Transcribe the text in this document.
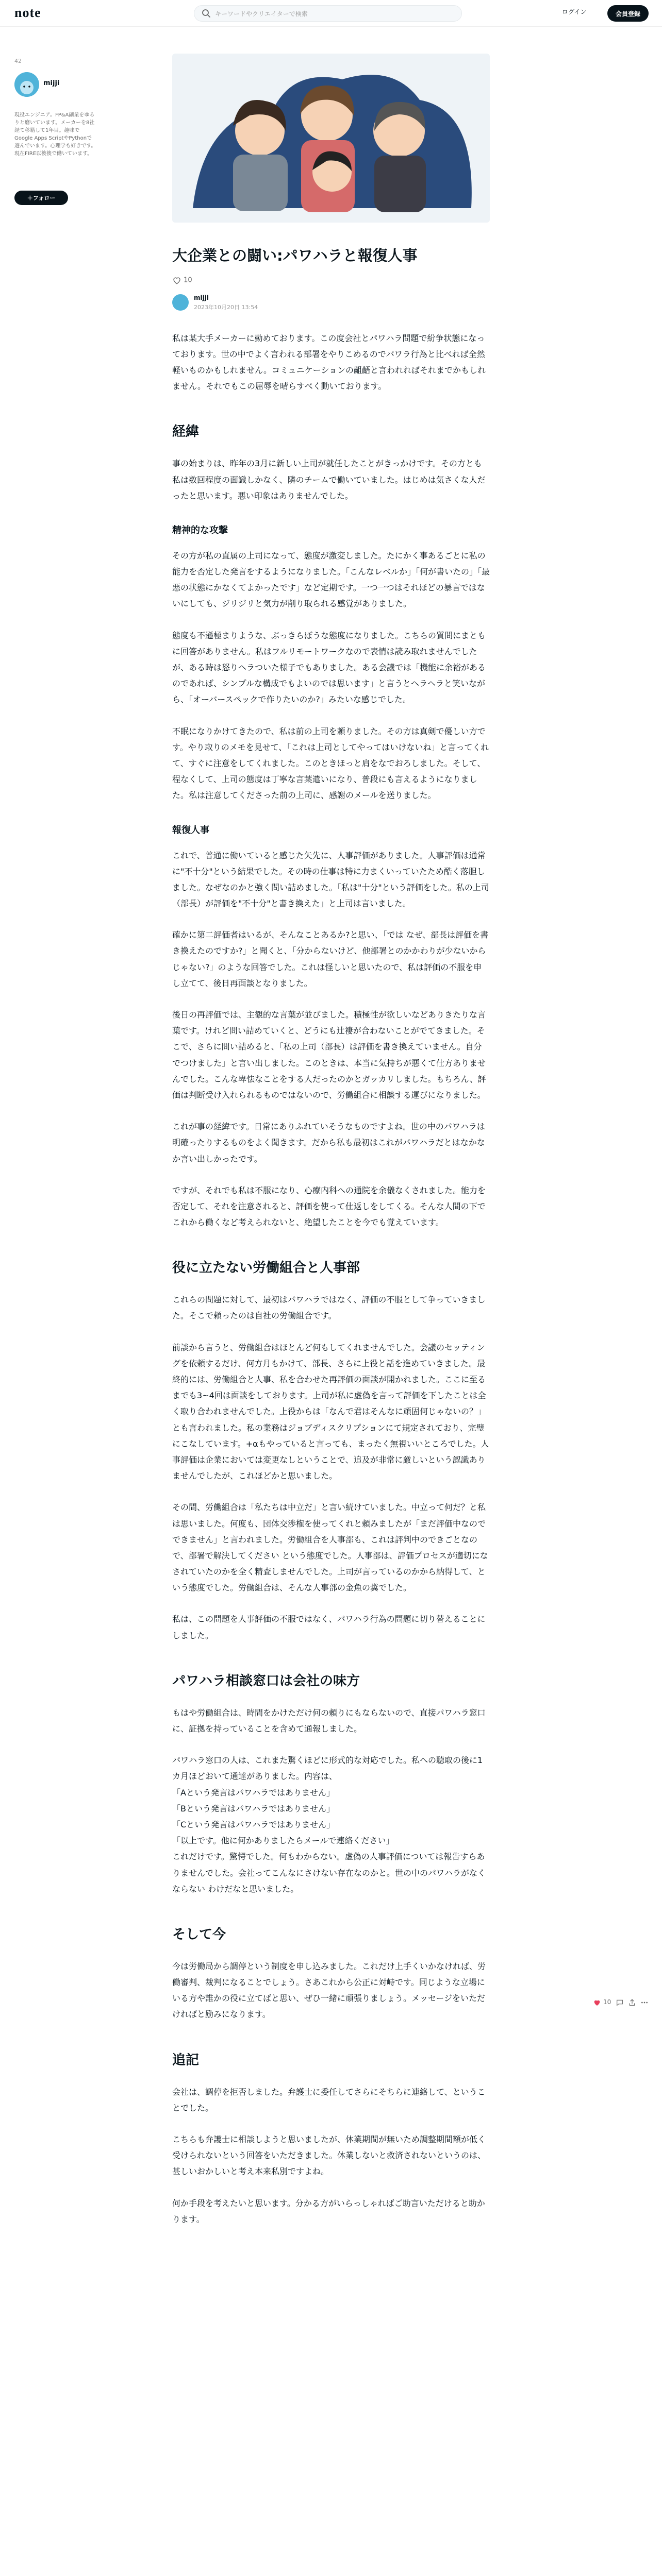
note
キーワードやクリエイターで検索	ログイン	会員登録
42
mijji
現役エンジニア。FP&A副業をゆるりと磨いています。メーカーを8社経て移籍して1年目。趣味でGoogle Apps ScriptやPythonで遊んでいます。心理学も好きです。現在FIRE以後後で働いています。
＋フォロー
大企業との闘い:パワハラと報復人事
10
mijji
2023年10月20日 13:54

私は某大手メーカーに勤めております。この度会社とパワハラ問題で紛争状態になっております。世の中でよく言われる部署をやりこめるのでパワラ行為と比べれば全然軽いものかもしれません。コミュニケーションの齟齬と言われればそれまでかもしれません。それでもこの屈辱を晴らすべく動いております。

経緯

事の始まりは、昨年の3月に新しい上司が就任したことがきっかけです。その方とも私は数回程度の面識しかなく、隣のチームで働いていました。はじめは気さくな人だったと思います。悪い印象はありませんでした。

精神的な攻撃

その方が私の直属の上司になって、態度が激変しました。たにかく事あるごとに私の能力を否定した発言をするようになりました。「こんなレベルか」「何が書いたの」「最悪の状態にかなくてよかったです」など定期です。一つ一つはそれほどの暴言ではないにしても、ジリジリと気力が削り取られる感覚がありました。

態度も不遜極まりような、ぶっきらぼうな態度になりました。こちらの質問にまともに回答がありません。私はフルリモートワークなので表情は読み取れませんでしたが、ある時は怒りヘラついた様子でもありました。ある会議では「機能に余裕があるのであれば、シンプルな構成でもよいのでは思います」と言うとヘラヘラと笑いながら、「オーバースペックで作りたいのか?」みたいな感じでした。

不眠になりかけてきたので、私は前の上司を頼りました。その方は真剣で優しい方です。やり取りのメモを見せて、「これは上司としてやってはいけないね」と言ってくれて、すぐに注意をしてくれました。このときほっと肩をなでおろしました。そして、程なくして、上司の態度は丁寧な言葉遣いになり、普段にも言えるようになりました。私は注意してくださった前の上司に、感謝のメールを送りました。

報復人事

これで、普通に働いていると感じた矢先に、人事評価がありました。人事評価は通常に"不十分"という結果でした。その時の仕事は特に力まくいっていたため酷く落胆しました。なぜなのかと強く問い詰めました。「私は"十分"という評価をした。私の上司（部長）が評価を"不十分"と書き換えた」と上司は言いました。

確かに第二評価者はいるが、そんなことあるか?と思い、「では なぜ、部長は評価を書き換えたのですか?」と聞くと、「分からないけど、他部署とのかかわりが少ないからじゃない?」のような回答でした。これは怪しいと思いたので、私は評価の不服を申し立てて、後日再面談となりました。

後日の再評価では、主観的な言葉が並びました。積極性が欲しいなどありきたりな言葉です。けれど問い詰めていくと、どうにも辻褄が合わないことがでてきました。そこで、さらに問い詰めると、「私の上司（部長）は評価を書き換えていません。自分でつけました」と言い出しました。このときは、本当に気持ちが悪くて仕方ありませんでした。こんな卑怯なことをする人だったのかとガッカリしました。もちろん、評価は判断受け入れられるものではないので、労働組合に相談する運びになりました。

これが事の経緯です。日常にありふれていそうなものですよね。世の中のパワハラは明確ったりするものをよく聞きます。だから私も最初はこれがパワハラだとはなかなか言い出しかったです。

ですが、それでも私は不服になり、心療内科への通院を余儀なくされました。能力を否定して、それを注意されると、評価を使って仕返しをしてくる。そんな人間の下でこれから働くなど考えられないと、絶望したことを今でも覚えています。

役に立たない労働組合と人事部

これらの問題に対して、最初はパワハラではなく、評価の不服として争っていきました。そこで頼ったのは自社の労働組合です。

前談から言うと、労働組合はほとんど何もしてくれませんでした。会議のセッティングを依頼するだけ、何方月もかけて、部長、さらに上役と話を進めていきました。最終的には、労働組合と人事、私を合わせた再評価の面談が開かれました。ここに至るまでも3~4回は面談をしております。上司が私に虚偽を言って評価を下したことは全く取り合われませんでした。上役からは「なんで君はそんなに頑固何じゃないの？」とも言われました。私の業務はジョブディスクリプションにて規定されており、完璧にこなしています。+αもやっていると言っても、まったく無視いいところでした。人事評価は企業においては変更なしということで、追及が非常に厳しいという認識ありませんでしたが、これほどかと思いました。

その間、労働組合は「私たちは中立だ」と言い続けていました。中立って何だ？と私は思いました。何度も、団体交渉権を使ってくれと頼みましたが「まだ評価中なのでできません」と言われました。労働組合を人事部も、これは評判中のできごとなので、部署で解決してください という態度でした。人事部は、評価プロセスが適切になされていたのかを全く精査しませんでした。上司が言っているのかから納得して、という態度でした。労働組合は、そんな人事部の金魚の糞でした。

私は、この問題を人事評価の不服ではなく、パワハラ行為の問題に切り替えることにしました。

パワハラ相談窓口は会社の味方

もはや労働組合は、時間をかけただけ何の頼りにもならないので、直接パワハラ窓口に、証拠を持っていることを含めて通報しました。

パワハラ窓口の人は、これまた驚くほどに形式的な対応でした。私への聴取の後に1カ月ほどおいて通達がありました。内容は、

「Aという発言はパワハラではありません」

「Bという発言はパワハラではありません」

「Cという発言はパワハラではありません」

「以上です。他に何かありましたらメールで連絡ください」

これだけです。驚愕でした。何もわからない。虚偽の人事評価については報告すらありませんでした。会社ってこんなにさけない存在なのかと。世の中のパワハラがなくならない わけだなと思いました。

そして今

今は労働局から調停という制度を申し込みました。これだけ上手くいかなければ、労働審判、裁判になることでしょう。さあこれから公正に対峙です。同じような立場にいる方や誰かの役に立てばと思い、ぜひ一緒に頑張りましょう。メッセージをいただければと励みになります。

追記

会社は、調停を拒否しました。弁護士に委任してさらにそちらに連絡して、ということでした。

こちらも弁護士に相談しようと思いましたが、休業期間が無いため調整期間額が低く受けられないという回答をいただきました。休業しないと救済されないというのは、甚しいおかしいと考え本来私別ですよね。

何か手段を考えたいと思います。分かる方がいらっしゃればご助言いただけると助かります。

10
